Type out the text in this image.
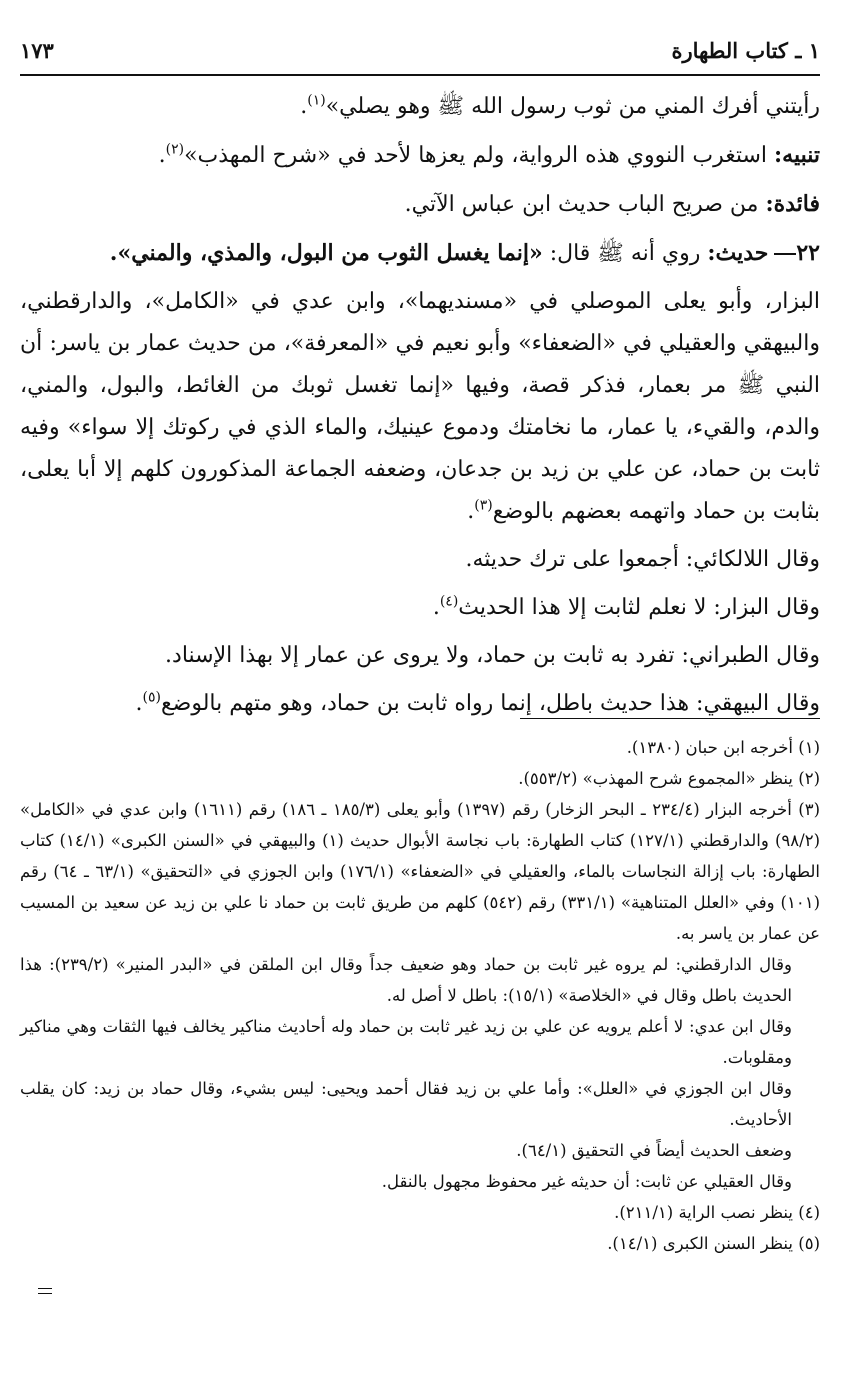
١ ـ كتاب الطهارة
١٧٣

رأيتني أفرك المني من ثوب رسول الله ﷺ وهو يصلي»$^{(١)}$.

تنبيه: استغرب النووي هذه الرواية، ولم يعزها لأحد في «شرح المهذب»$^{(٢)}$.

فائدة: من صريح الباب حديث ابن عباس الآتي.

٢٢حديث: روي أنه ﷺ قال: «إنما يغسل الثوب من البول، والمذي، والمني».

البزار، وأبو يعلى الموصلي في «مسنديهما»، وابن عدي في «الكامل»، والدارقطني، والبيهقي والعقيلي في «الضعفاء» وأبو نعيم في «المعرفة»، من حديث عمار بن ياسر: أن النبي ﷺ مر بعمار، فذكر قصة، وفيها «إنما تغسل ثوبك من الغائط، والبول، والمني، والدم، والقيء، يا عمار، ما نخامتك ودموع عينيك، والماء الذي في ركوتك إلا سواء» وفيه ثابت بن حماد، عن علي بن زيد بن جدعان، وضعفه الجماعة المذكورون كلهم إلا أبا يعلى، بثابت بن حماد واتهمه بعضهم بالوضع$^{(٣)}$.

وقال اللالكائي: أجمعوا على ترك حديثه.

وقال البزار: لا نعلم لثابت إلا هذا الحديث$^{(٤)}$.

وقال الطبراني: تفرد به ثابت بن حماد، ولا يروى عن عمار إلا بهذا الإسناد.

وقال البيهقي: هذا حديث باطل، إنما رواه ثابت بن حماد، وهو متهم بالوضع$^{(٥)}$.

(١) أخرجه ابن حبان (١٣٨٠).

(٢) ينظر «المجموع شرح المهذب» (٥٥٣/٢).

(٣) أخرجه البزار (٢٣٤/٤ ـ البحر الزخار) رقم (١٣٩٧) وأبو يعلى (١٨٥/٣ ـ ١٨٦) رقم (١٦١١) وابن عدي في «الكامل» (٩٨/٢) والدارقطني (١٢٧/١) كتاب الطهارة: باب نجاسة الأبوال حديث (١) والبيهقي في «السنن الكبرى» (١٤/١) كتاب الطهارة: باب إزالة النجاسات بالماء، والعقيلي في «الضعفاء» (١٧٦/١) وابن الجوزي في «التحقيق» (٦٣/١ ـ ٦٤) رقم (١٠١) وفي «العلل المتناهية» (٣٣١/١) رقم (٥٤٢) كلهم من طريق ثابت بن حماد نا علي بن زيد عن سعيد بن المسيب عن عمار بن ياسر به.

وقال الدارقطني: لم يروه غير ثابت بن حماد وهو ضعيف جداً وقال ابن الملقن في «البدر المنير» (٢٣٩/٢): هذا الحديث باطل وقال في «الخلاصة» (١٥/١): باطل لا أصل له.

وقال ابن عدي: لا أعلم يرويه عن علي بن زيد غير ثابت بن حماد وله أحاديث مناكير يخالف فيها الثقات وهي مناكير ومقلوبات.

وقال ابن الجوزي في «العلل»: وأما علي بن زيد فقال أحمد ويحيى: ليس بشيء، وقال حماد بن زيد: كان يقلب الأحاديث.

وضعف الحديث أيضاً في التحقيق (٦٤/١).

وقال العقيلي عن ثابت: أن حديثه غير محفوظ مجهول بالنقل.

(٤) ينظر نصب الراية (٢١١/١).

(٥) ينظر السنن الكبرى (١٤/١).
